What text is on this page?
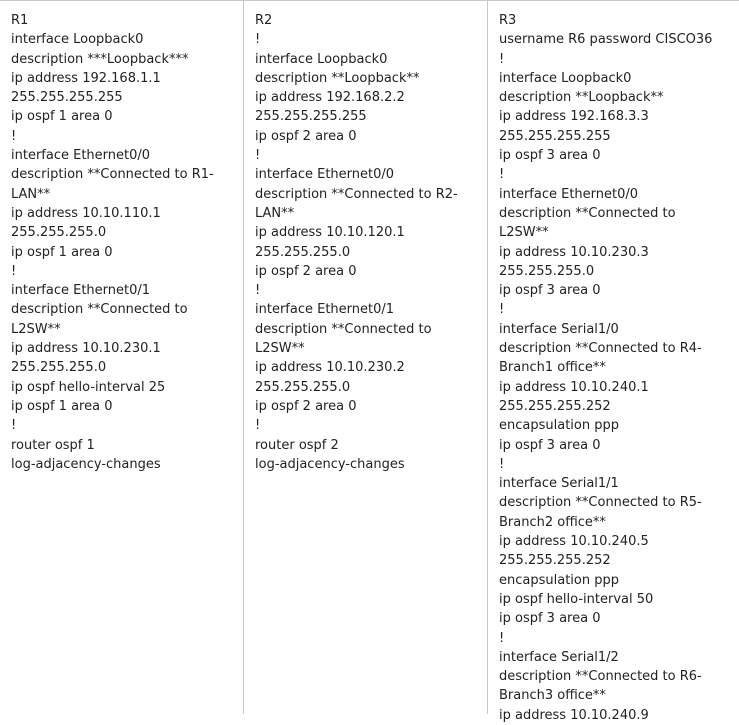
R1
interface Loopback0
description ***Loopback***
ip address 192.168.1.1
255.255.255.255
ip ospf 1 area 0
!
interface Ethernet0/0
description **Connected to R1-
LAN**
ip address 10.10.110.1
255.255.255.0
ip ospf 1 area 0
!
interface Ethernet0/1
description **Connected to
L2SW**
ip address 10.10.230.1
255.255.255.0
ip ospf hello-interval 25
ip ospf 1 area 0
!
router ospf 1
log-adjacency-changes
R2
!
interface Loopback0
description **Loopback**
ip address 192.168.2.2
255.255.255.255
ip ospf 2 area 0
!
interface Ethernet0/0
description **Connected to R2-
LAN**
ip address 10.10.120.1
255.255.255.0
ip ospf 2 area 0
!
interface Ethernet0/1
description **Connected to
L2SW**
ip address 10.10.230.2
255.255.255.0
ip ospf 2 area 0
!
router ospf 2
log-adjacency-changes
R3
username R6 password CISCO36
!
interface Loopback0
description **Loopback**
ip address 192.168.3.3
255.255.255.255
ip ospf 3 area 0
!
interface Ethernet0/0
description **Connected to
L2SW**
ip address 10.10.230.3
255.255.255.0
ip ospf 3 area 0
!
interface Serial1/0
description **Connected to R4-
Branch1 office**
ip address 10.10.240.1
255.255.255.252
encapsulation ppp
ip ospf 3 area 0
!
interface Serial1/1
description **Connected to R5-
Branch2 office**
ip address 10.10.240.5
255.255.255.252
encapsulation ppp
ip ospf hello-interval 50
ip ospf 3 area 0
!
interface Serial1/2
description **Connected to R6-
Branch3 office**
ip address 10.10.240.9
